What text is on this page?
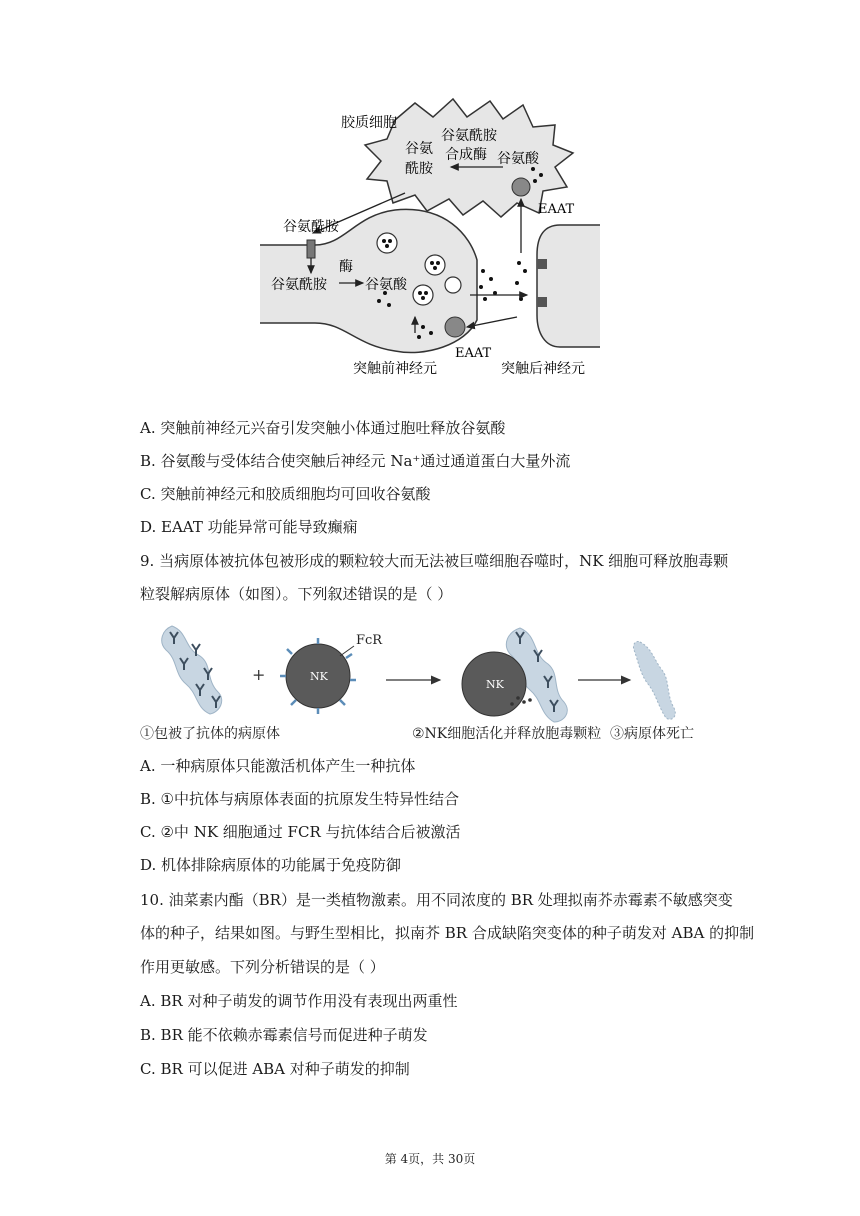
胶质细胞
谷氨酰胺
合成酶
谷氨
酰胺
谷氨酸
EAAT
谷氨酰胺
谷氨酰胺
酶
谷氨酸
EAAT
突触前神经元	突触后神经元
A. 突触前神经元兴奋引发突触小体通过胞吐释放谷氨酸
B. 谷氨酸与受体结合使突触后神经元 Na⁺通过通道蛋白大量外流
C. 突触前神经元和胶质细胞均可回收谷氨酸
D. EAAT 功能异常可能导致癫痫
9. 当病原体被抗体包被形成的颗粒较大而无法被巨噬细胞吞噬时，NK 细胞可释放胞毒颗
粒裂解病原体（如图）。下列叙述错误的是（ ）
+	NK
FcR
NK
①包被了抗体的病原体	②NK细胞活化并释放胞毒颗粒 ③病原体死亡
A. 一种病原体只能激活机体产生一种抗体
B. ①中抗体与病原体表面的抗原发生特异性结合
C. ②中 NK 细胞通过 FCR 与抗体结合后被激活
D. 机体排除病原体的功能属于免疫防御
10. 油菜素内酯（BR）是一类植物激素。用不同浓度的 BR 处理拟南芥赤霉素不敏感突变
体的种子，结果如图。与野生型相比，拟南芥 BR 合成缺陷突变体的种子萌发对 ABA 的抑制
作用更敏感。下列分析错误的是（ ）
A. BR 对种子萌发的调节作用没有表现出两重性
B. BR 能不依赖赤霉素信号而促进种子萌发
C. BR 可以促进 ABA 对种子萌发的抑制
第 4页，共 30页
